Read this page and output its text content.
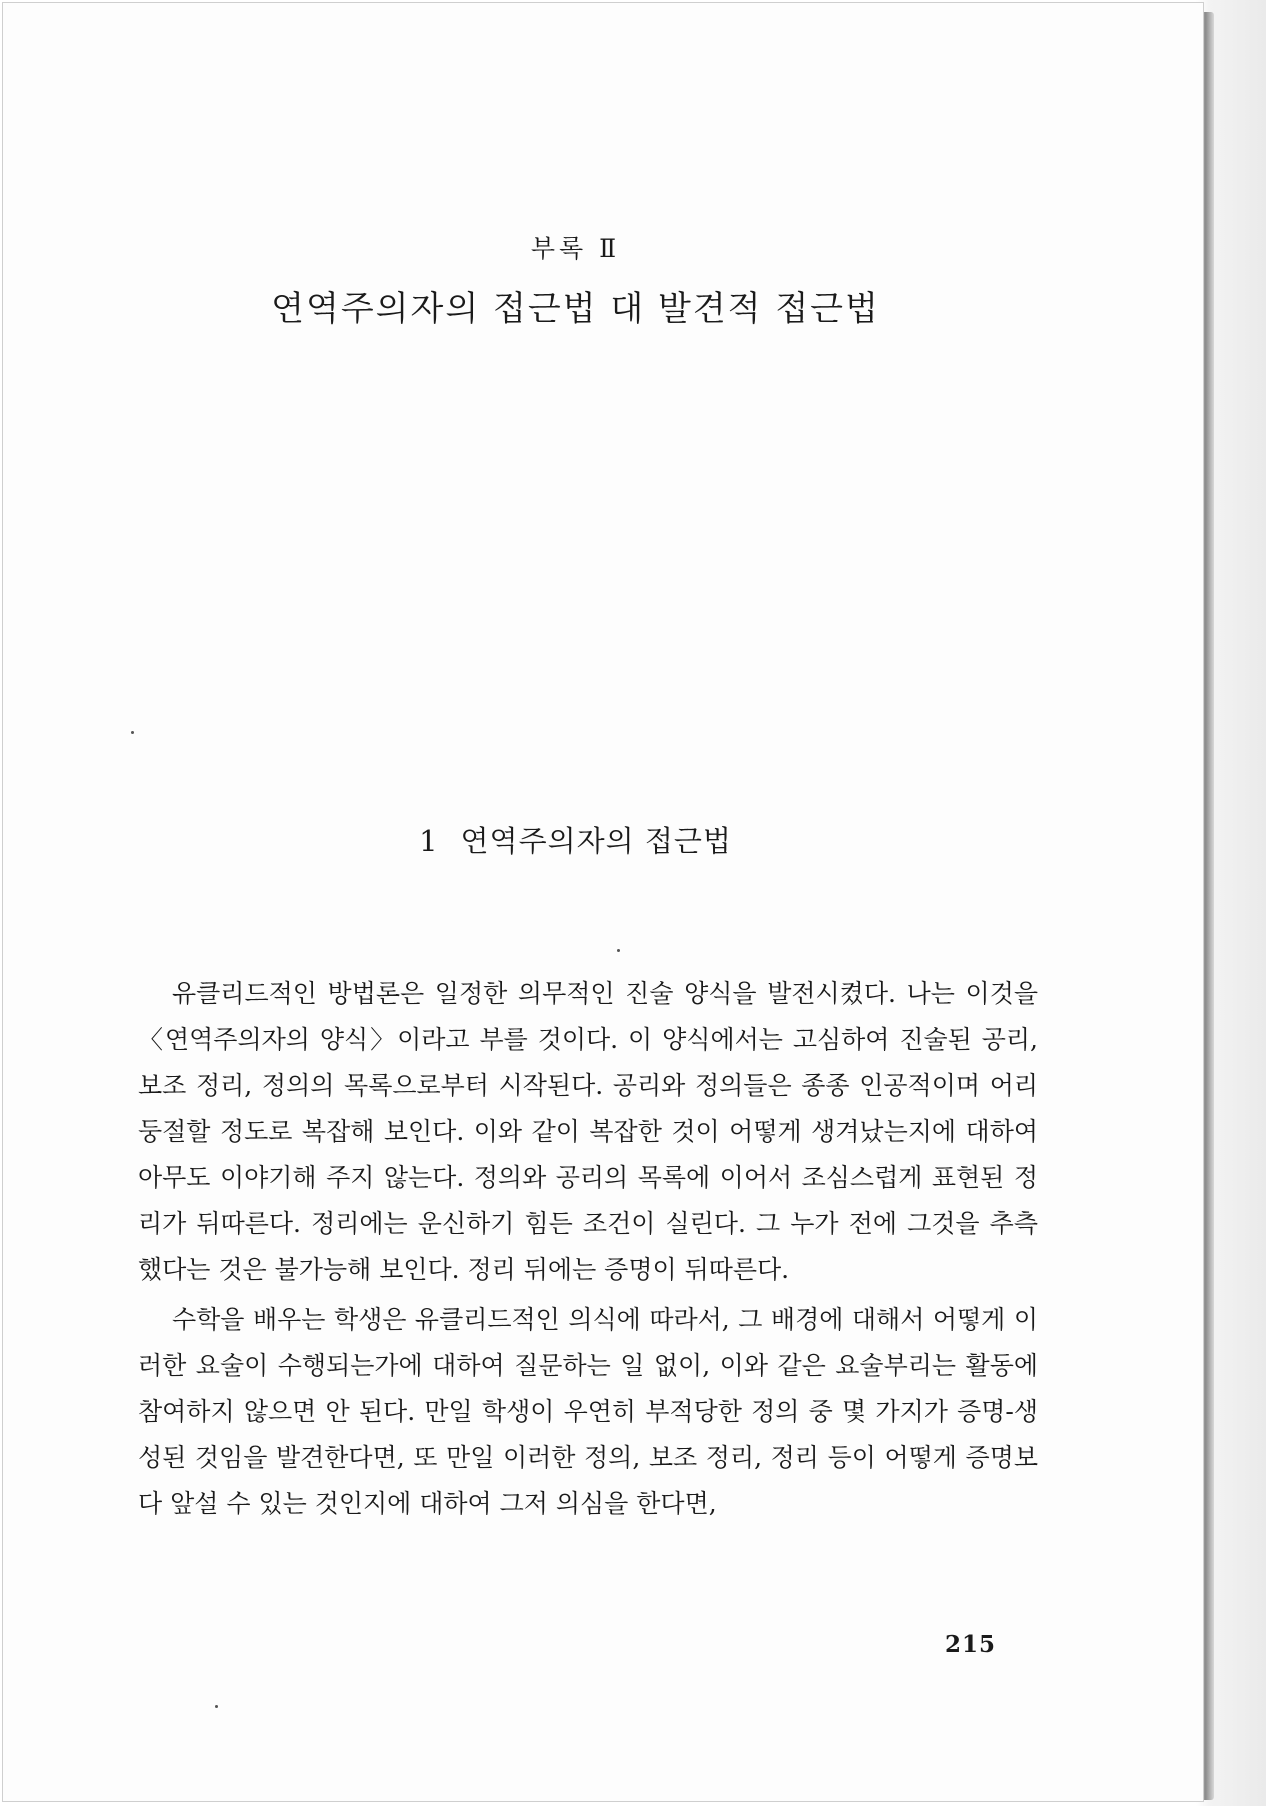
부록 Ⅱ
연역주의자의 접근법 대 발견적 접근법
1 연역주의자의 접근법

유클리드적인 방법론은 일정한 의무적인 진술 양식을 발전시켰다. 나는 이것을 〈연역주의자의 양식〉이라고 부를 것이다. 이 양식에서는 고심하여 진술된 공리, 보조 정리, 정의의 목록으로부터 시작된다. 공리와 정의들은 종종 인공적이며 어리둥절할 정도로 복잡해 보인다. 이와 같이 복잡한 것이 어떻게 생겨났는지에 대하여 아무도 이야기해 주지 않는다. 정의와 공리의 목록에 이어서 조심스럽게 표현된 정리가 뒤따른다. 정리에는 운신하기 힘든 조건이 실린다. 그 누가 전에 그것을 추측했다는 것은 불가능해 보인다. 정리 뒤에는 증명이 뒤따른다.

수학을 배우는 학생은 유클리드적인 의식에 따라서, 그 배경에 대해서 어떻게 이러한 요술이 수행되는가에 대하여 질문하는 일 없이, 이와 같은 요술부리는 활동에 참여하지 않으면 안 된다. 만일 학생이 우연히 부적당한 정의 중 몇 가지가 증명-생성된 것임을 발견한다면, 또 만일 이러한 정의, 보조 정리, 정리 등이 어떻게 증명보다 앞설 수 있는 것인지에 대하여 그저 의심을 한다면,

215
